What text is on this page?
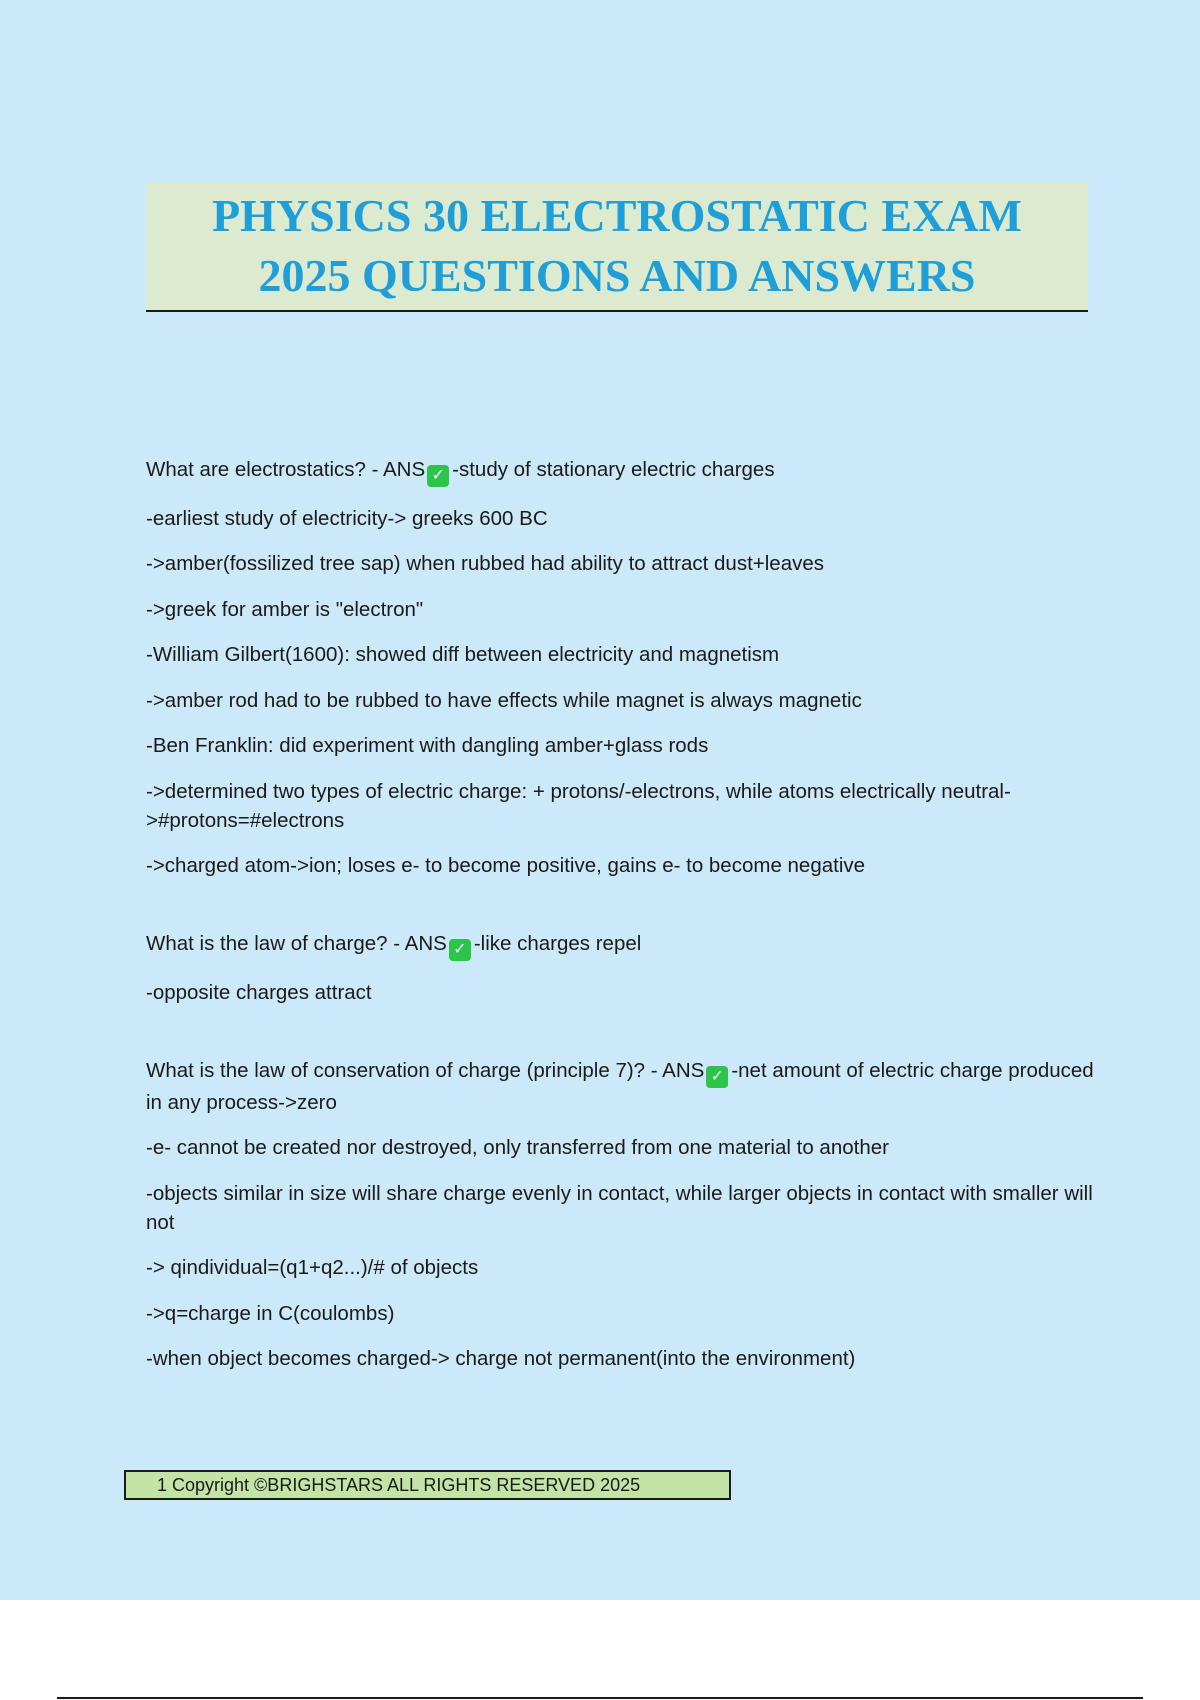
PHYSICS 30 ELECTROSTATIC EXAM
2025 QUESTIONS AND ANSWERS
What are electrostatics? - ANS ✓ -study of stationary electric charges
-earliest study of electricity-> greeks 600 BC
->amber(fossilized tree sap) when rubbed had ability to attract dust+leaves
->greek for amber is "electron"
-William Gilbert(1600): showed diff between electricity and magnetism
->amber rod had to be rubbed to have effects while magnet is always magnetic
-Ben Franklin: did experiment with dangling amber+glass rods
->determined two types of electric charge: + protons/-electrons, while atoms electrically neutral->#protons=#electrons
->charged atom->ion; loses e- to become positive, gains e- to become negative
What is the law of charge? - ANS ✓ -like charges repel
-opposite charges attract
What is the law of conservation of charge (principle 7)? - ANS ✓ -net amount of electric charge produced in any process->zero
-e- cannot be created nor destroyed, only transferred from one material to another
-objects similar in size will share charge evenly in contact, while larger objects in contact with smaller will not
-> qindividual=(q1+q2...)/# of objects
->q=charge in C(coulombs)
-when object becomes charged-> charge not permanent(into the environment)
1 Copyright ©BRIGHSTARS ALL RIGHTS RESERVED 2025
